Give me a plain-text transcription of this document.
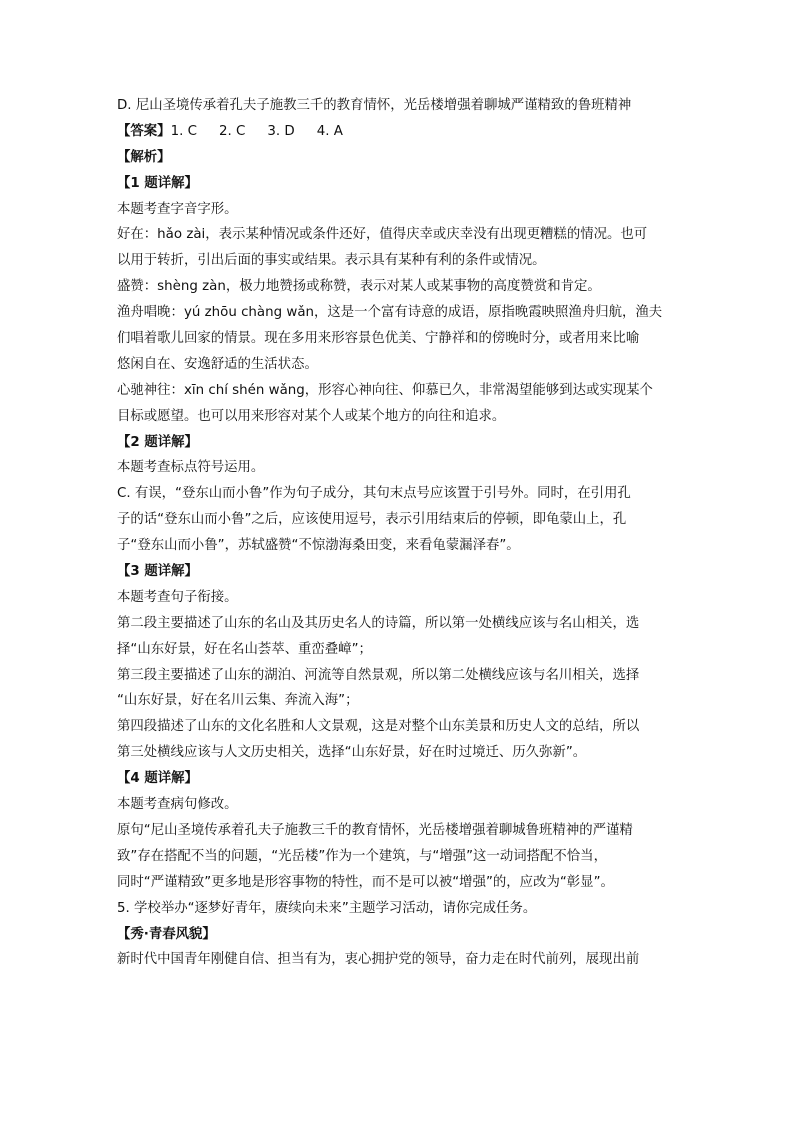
D. 尼山圣境传承着孔夫子施教三千的教育情怀，光岳楼增强着聊城严谨精致的鲁班精神
【答案】1. C 2. C 3. D 4. A
【解析】
【1 题详解】
本题考查字音字形。
好在：hǎo zài，表示某种情况或条件还好，值得庆幸或庆幸没有出现更糟糕的情况。也可
以用于转折，引出后面的事实或结果。表示具有某种有利的条件或情况。
盛赞：shèng zàn，极力地赞扬或称赞，表示对某人或某事物的高度赞赏和肯定。
渔舟唱晚：yú zhōu chàng wǎn，这是一个富有诗意的成语，原指晚霞映照渔舟归航，渔夫
们唱着歌儿回家的情景。现在多用来形容景色优美、宁静祥和的傍晚时分，或者用来比喻
悠闲自在、安逸舒适的生活状态。
心驰神往：xīn chí shén wǎng，形容心神向往、仰慕已久，非常渴望能够到达或实现某个
目标或愿望。也可以用来形容对某个人或某个地方的向往和追求。
【2 题详解】
本题考查标点符号运用。
C. 有误，“登东山而小鲁”作为句子成分，其句末点号应该置于引号外。同时，在引用孔
子的话“登东山而小鲁”之后，应该使用逗号，表示引用结束后的停顿，即龟蒙山上，孔
子“登东山而小鲁”，苏轼盛赞“不惊渤海桑田变，来看龟蒙漏泽春”。
【3 题详解】
本题考查句子衔接。
第二段主要描述了山东的名山及其历史名人的诗篇，所以第一处横线应该与名山相关，选
择“山东好景，好在名山荟萃、重峦叠嶂”；
第三段主要描述了山东的湖泊、河流等自然景观，所以第二处横线应该与名川相关，选择
“山东好景，好在名川云集、奔流入海”；
第四段描述了山东的文化名胜和人文景观，这是对整个山东美景和历史人文的总结，所以
第三处横线应该与人文历史相关，选择“山东好景，好在时过境迁、历久弥新”。
【4 题详解】
本题考查病句修改。
原句“尼山圣境传承着孔夫子施教三千的教育情怀，光岳楼增强着聊城鲁班精神的严谨精
致”存在搭配不当的问题，“光岳楼”作为一个建筑，与“增强”这一动词搭配不恰当，
同时“严谨精致”更多地是形容事物的特性，而不是可以被“增强”的，应改为“彰显”。
5. 学校举办“逐梦好青年，赓续向未来”主题学习活动，请你完成任务。
【秀·青春风貌】
新时代中国青年刚健自信、担当有为，衷心拥护党的领导，奋力走在时代前列，展现出前
